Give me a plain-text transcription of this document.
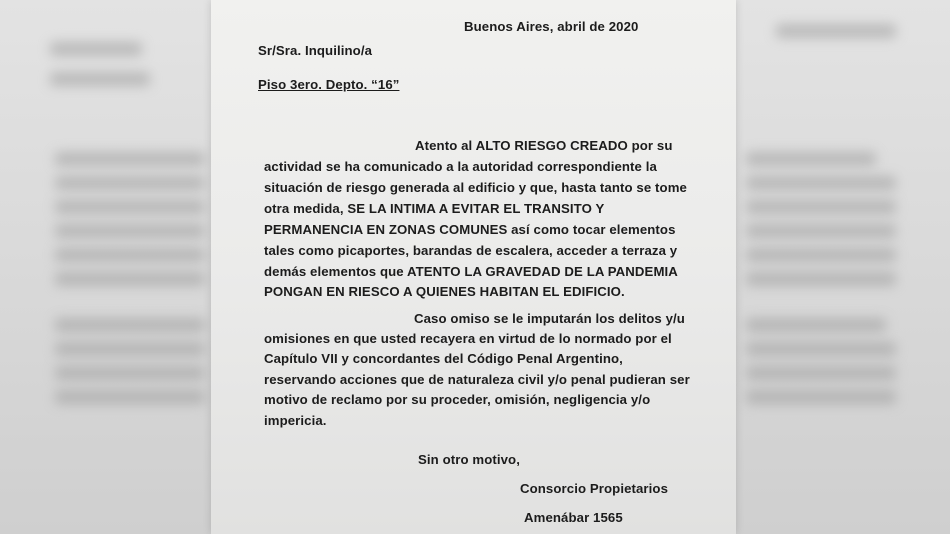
Buenos Aires, abril de 2020
Sr/Sra. Inquilino/a
Piso 3ero. Depto. “16”
Atento al ALTO RIESGO CREADO por su
actividad se ha comunicado a la autoridad correspondiente la
situación de riesgo generada al edificio y que, hasta tanto se tome
otra medida, SE LA INTIMA A EVITAR EL TRANSITO Y
PERMANENCIA EN ZONAS COMUNES así como tocar elementos
tales como picaportes, barandas de escalera, acceder a terraza y
demás elementos que ATENTO LA GRAVEDAD DE LA PANDEMIA
PONGAN EN RIESCO A QUIENES HABITAN EL EDIFICIO.
Caso omiso se le imputarán los delitos y/u
omisiones en que usted recayera en virtud de lo normado por el
Capítulo VII y concordantes del Código Penal Argentino,
reservando acciones que de naturaleza civil y/o penal pudieran ser
motivo de reclamo por su proceder, omisión, negligencia y/o
impericia.
Sin otro motivo,
Consorcio Propietarios
Amenábar 1565
